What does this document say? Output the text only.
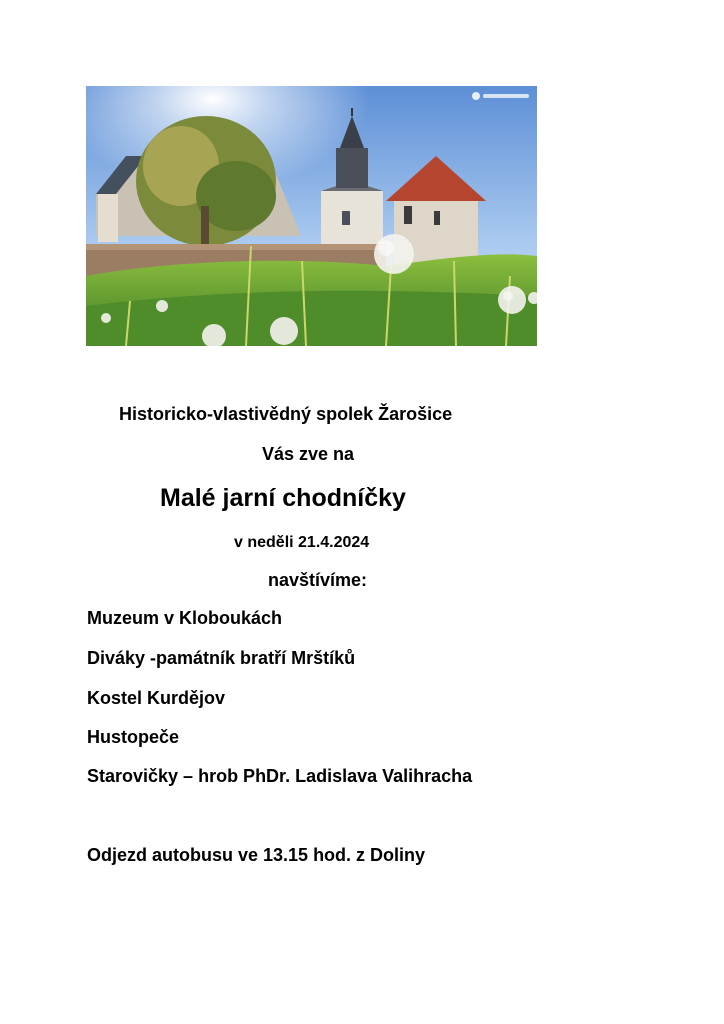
Historicko-vlastivědný spolek Žarošice

Vás zve na

Malé jarní chodníčky

v neděli 21.4.2024

navštívíme:

Muzeum v Kloboukách

Diváky -památník bratří Mrštíků

Kostel Kurdějov

Hustopeče

Starovičky – hrob PhDr. Ladislava Valihracha

Odjezd autobusu ve 13.15 hod. z Doliny
